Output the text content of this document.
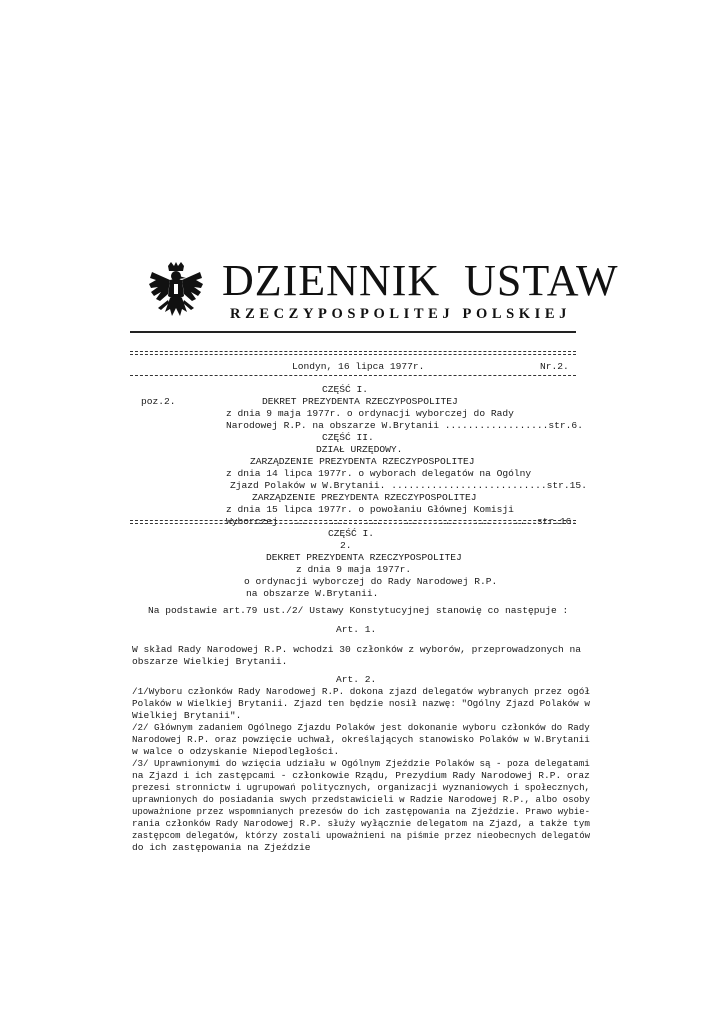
DZIENNIK  USTAW
RZECZYPOSPOLITEJ POLSKIEJ
Londyn, 16 lipca 1977r.	Nr.2.
poz.2.
CZĘŚĆ I.
DEKRET PREZYDENTA RZECZYPOSPOLITEJ
z dnia 9 maja 1977r. o ordynacji wyborczej do Rady
Narodowej R.P. na obszarze W.Brytanii ..................str.6.
CZĘŚĆ II.
DZIAŁ URZĘDOWY.
ZARZĄDZENIE PREZYDENTA RZECZYPOSPOLITEJ
z dnia 14 lipca 1977r. o wyborach delegatów na Ogólny
Zjazd Polaków w W.Brytanii. ...........................str.15.
ZARZĄDZENIE PREZYDENTA RZECZYPOSPOLITEJ
z dnia 15 lipca 1977r. o powołaniu Głównej Komisji
Wyborczej. ...........................................str.16.
CZĘŚĆ I.
2.
DEKRET PREZYDENTA RZECZYPOSPOLITEJ
z dnia 9 maja 1977r.
o ordynacji wyborczej do Rady Narodowej R.P.
na obszarze W.Brytanii.
Na podstawie art.79 ust./2/ Ustawy Konstytucyjnej stanowię co następuje :
Art. 1.
W skład Rady Narodowej R.P. wchodzi 30 członków z wyborów, przeprowadzonych na
obszarze Wielkiej Brytanii.
Art. 2.
/1/Wyboru członków Rady Narodowej R.P. dokona zjazd delegatów wybranych przez ogół
Polaków w Wielkiej Brytanii. Zjazd ten będzie nosił nazwę: "Ogólny Zjazd Polaków w
Wielkiej Brytanii".
/2/ Głównym zadaniem Ogólnego Zjazdu Polaków jest dokonanie wyboru członków do Rady
Narodowej R.P. oraz powzięcie uchwał, określających stanowisko Polaków w W.Brytanii
w walce o odzyskanie Niepodległości.
/3/ Uprawnionymi do wzięcia udziału w Ogólnym Zjeździe Polaków są - poza delegatami
na Zjazd i ich zastępcami - członkowie Rządu, Prezydium Rady Narodowej R.P. oraz
prezesi stronnictw i ugrupowań politycznych, organizacji wyznaniowych i społecznych,
uprawnionych do posiadania swych przedstawicieli w Radzie Narodowej R.P., albo osoby
upoważnione przez wspomnianych prezesów do ich zastępowania na Zjeździe. Prawo wybie-
rania członków Rady Narodowej R.P. służy wyłącznie delegatom na Zjazd, a także tym
zastępcom delegatów, którzy zostali upoważnieni na piśmie przez nieobecnych delegatów
do ich zastępowania na Zjeździe
